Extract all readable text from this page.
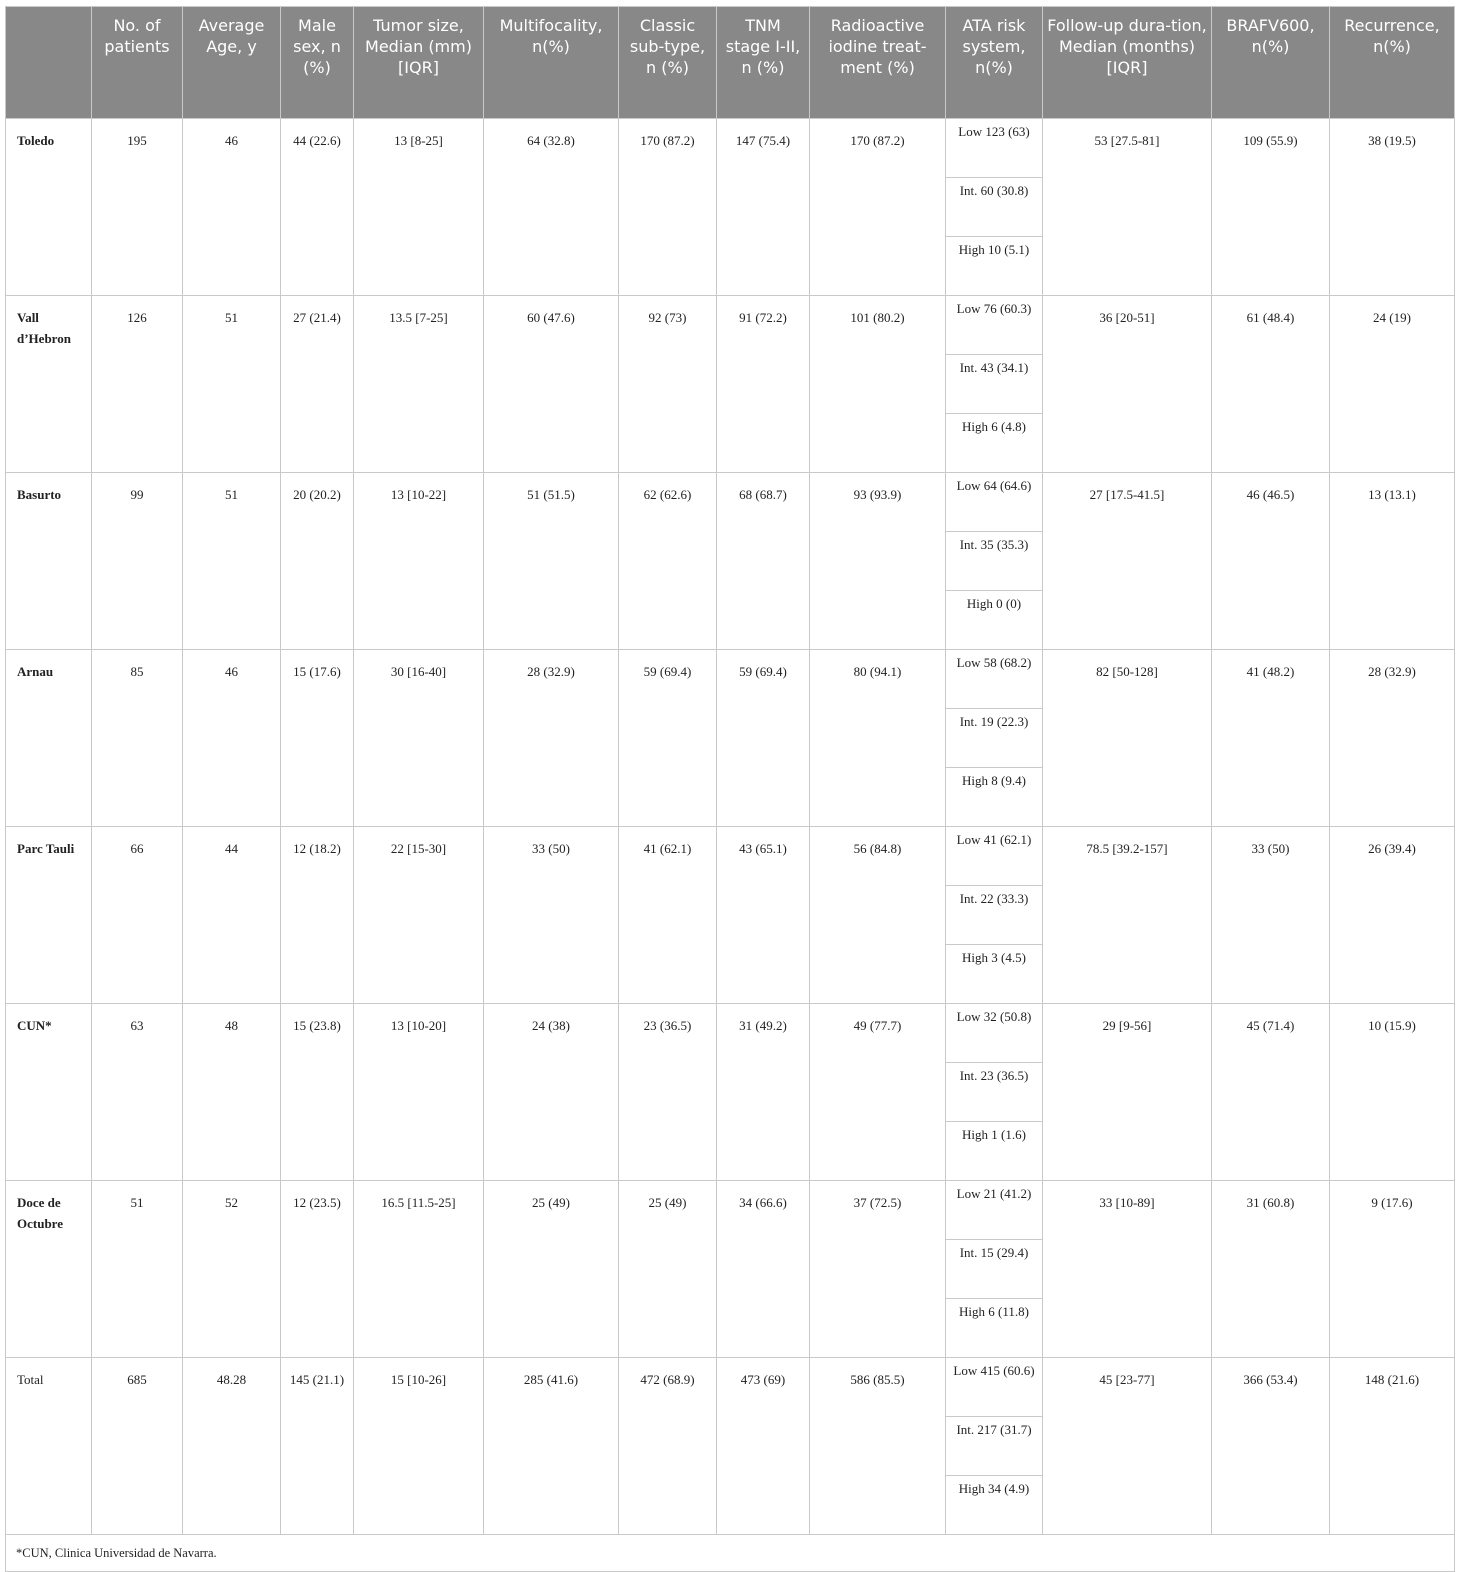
	No. of patients	Average Age, y	Male sex, n (%)	Tumor size, Median (mm) [IQR]	Multifocality, n(%)	Classic sub-type, n (%)	TNM stage I-II, n (%)	Radioactive iodine treat-ment (%)	ATA risk system, n(%)	Follow-up dura-tion, Median (months) [IQR]	BRAFV600, n(%)	Recurrence, n(%)
Toledo	195	46	44 (22.6)	13 [8-25]	64 (32.8)	170 (87.2)	147 (75.4)	170 (87.2)	Low 123 (63)	53 [27.5-81]	109 (55.9)	38 (19.5)
									Int. 60 (30.8)			
									High 10 (5.1)			
Vall d’Hebron	126	51	27 (21.4)	13.5 [7-25]	60 (47.6)	92 (73)	91 (72.2)	101 (80.2)	Low 76 (60.3)	36 [20-51]	61 (48.4)	24 (19)
									Int. 43 (34.1)			
									High 6 (4.8)			
Basurto	99	51	20 (20.2)	13 [10-22]	51 (51.5)	62 (62.6)	68 (68.7)	93 (93.9)	Low 64 (64.6)	27 [17.5-41.5]	46 (46.5)	13 (13.1)
									Int. 35 (35.3)			
									High 0 (0)			
Arnau	85	46	15 (17.6)	30 [16-40]	28 (32.9)	59 (69.4)	59 (69.4)	80 (94.1)	Low 58 (68.2)	82 [50-128]	41 (48.2)	28 (32.9)
									Int. 19 (22.3)			
									High 8 (9.4)			
Parc Tauli	66	44	12 (18.2)	22 [15-30]	33 (50)	41 (62.1)	43 (65.1)	56 (84.8)	Low 41 (62.1)	78.5 [39.2-157]	33 (50)	26 (39.4)
									Int. 22 (33.3)			
									High 3 (4.5)			
CUN*	63	48	15 (23.8)	13 [10-20]	24 (38)	23 (36.5)	31 (49.2)	49 (77.7)	Low 32 (50.8)	29 [9-56]	45 (71.4)	10 (15.9)
									Int. 23 (36.5)			
									High 1 (1.6)			
Doce de Octubre	51	52	12 (23.5)	16.5 [11.5-25]	25 (49)	25 (49)	34 (66.6)	37 (72.5)	Low 21 (41.2)	33 [10-89]	31 (60.8)	9 (17.6)
									Int. 15 (29.4)			
									High 6 (11.8)			
Total	685	48.28	145 (21.1)	15 [10-26]	285 (41.6)	472 (68.9)	473 (69)	586 (85.5)	Low 415 (60.6)	45 [23-77]	366 (53.4)	148 (21.6)
									Int. 217 (31.7)			
									High 34 (4.9)			
*CUN, Clinica Universidad de Navarra.												
